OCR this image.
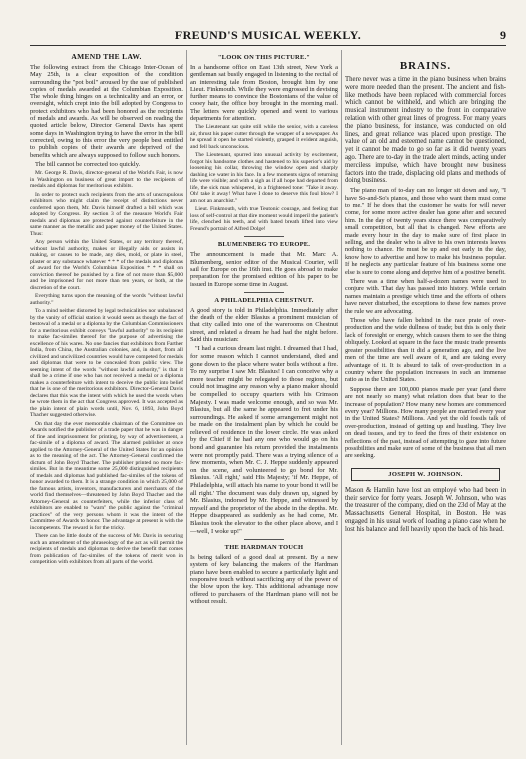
FREUND'S MUSICAL WEEKLY.	9
AMEND THE LAW.

The following extract from the Chicago Inter-Ocean of May 25th, is a clear exposition of the condition surrounding the "pot boil" aroused by the use of published copies of medals awarded at the Columbian Exposition. The whole thing hinges on a technicality and an error, or oversight, which crept into the bill adopted by Congress to protect exhibitors who had been honored as the recipients of medals and awards. As will be observed on reading the quoted article below, Director General Davis has spent some days in Washington trying to have the error in the bill corrected, owing to this error the very people best entitled to publish copies of their awards are deprived of the benefits which are always supposed to follow such honors.

The bill cannot be corrected too quickly.

Mr. George R. Davis, director-general of the World's Fair, is now in Washington on business of great import to the recipients of medals and diplomas for meritorious exhibits.

In order to protect such recipients from the arts of unscrupulous exhibitors who might claim the receipt of distinctions never conferred upon them, Mr. Davis himself drafted a bill which was adopted by Congress. By section 3 of the measure World's Fair medals and diplomas are protected against counterfeiture in the same manner as the metallic and paper money of the United States. Thus:

Any person within the United States, or any territory thereof, without lawful authority, makes or illegally aids or assists in making, or causes to be made, any dies, mold, or plate in steel, plaster or any substance whatever * * * of the medals and diplomas of award for the World's Columbian Exposition * * * shall on conviction thereof be punished by a fine of not more than $5,000 and be imprisoned for not more than ten years, or both, at the discretion of the court.

Everything turns upon the meaning of the words "without lawful authority."

To a mind neither distorted by legal technicalities nor unbalanced by the vanity of official station it would seem as though the fact of bestowal of a medal or a diploma by the Columbian Commissioners for a meritorious exhibit conveys "lawful authority" to its recipient to make fac-similes thereof for the purpose of advertising the excellence of his wares. No one fancies that exhibitors from Farther India, from China, the Australian colonies, and, in short, from all civilized and uncivilized countries would have competed for medals and diplomas that were to be concealed from public view. The seeming intent of the words "without lawful authority," is that it shall be a crime if one who has not received a medal or a diploma makes a counterfeiture with intent to deceive the public into belief that he is one of the meritorious exhibitors. Director-General Davis declares that this was the intent with which he used the words when he wrote them in the act that Congress approved. It was accepted as the plain intent of plain words until, Nov. 6, 1893, John Boyd Thacher suggested otherwise.

On that day the ever memorable chairman of the Committee on Awards notified the publisher of a trade paper that he was in danger of fine and imprisonment for printing, by way of advertisement, a fac-simile of a diploma of award. The alarmed publisher at once applied to the Attorney-General of the United States for an opinion as to the meaning of the act. The Attorney-General confirmed the dictum of John Boyd Thacher. The publisher printed no more fac-similes. But in the meantime some 25,000 distinguished recipients of medals and diplomas had published fac-similes of the tokens of honor awarded to them. It is a strange condition in which 25,000 of the famous artists, inventors, manufacturers and merchants of the world find themselves—threatened by John Boyd Thacher and the Attorney-General as counterfeiters, while the inferior class of exhibitors are enabled to "warn" the public against the "criminal practices" of the very persons whom it was the intent of the Committee of Awards to honor. The advantage at present is with the incompetents. The reward is for the tricky.

There can be little doubt of the success of Mr. Davis in securing such an amendment of the phraseology of the act as will permit the recipients of medals and diplomas to derive the benefit that comes from publication of fac-similes of the tokens of merit won in competition with exhibitors from all parts of the world.

"LOOK ON THIS PICTURE."

In a handsome office on East 13th street, New York a gentleman sat busily engaged in listening to the recital of an interesting tale from Boston, brought him by one Lieut. Finkmouth. While they were engrossed in devising further means to convince the Bostonians of the value of cooey hair, the office boy brought in the morning mail. The letters were quickly opened and went to various departments for attention.

The Lieutenant sat quite still while the senior, with a careless air, thrust his paper cutter through the wrapper of a newspaper. As he spread it open he started violently, grasped it evident anguish, and fell back unconscious.

The Lieutenant, spurred into unusual activity by excitement, forgot his handsome clothes and hastened to his superior's aid by loosening his collar, throwing the window open and sharply dashing ice water in his face. In a few moments signs of returning life were visible; and with a sigh as if all hope had departed from life, the sick man whispered, in a frightened tone: "Take it away. Oh! take it away! What have I done to deserve this foul blow? I am not an anarchist."

Lieut. Finkmouth, with true Teutonic courage, and feeling that loss of self-control at that dire moment would imperil the patient's life, clenched his teeth, and with bated breath lifted into view Freund's portrait of Alfred Dolge!

BLUMENBERG TO EUROPE.

The announcement is made that Mr. Marc A. Blumenberg, senior editor of the Musical Courier, will sail for Europe on the 16th inst. He goes abroad to make preparation for the promised edition of his paper to be issued in Europe some time in August.

A PHILADELPHIA CHESTNUT.

A good story is told in Philadelphia. Immediately after the death of the elder Blasius a prominent musician of that city called into one of the warerooms on Chestnut street, and related a dream he had had the night before. Said this musician:

"I had a curious dream last night. I dreamed that I had, for some reason which I cannot understand, died and gone down to the place where water boils without a fire. To my surprise I saw Mr. Blasius! I can conceive why a more teacher might be relegated to those regions, but could not imagine any reason why a piano maker should be compelled to occupy quarters with his Crimson Majesty. I was made welcome enough, and so was Mr. Blasius, but all the same he appeared to fret under his surroundings. He asked if some arrangement might not be made on the instalment plan by which he could be relieved of residence in the lower circle. He was asked by the Chief if he had any one who would go on his bond and guarantee his return provided the instalments were not promptly paid. There was a trying silence of a few moments, when Mr. C. J. Heppe suddenly appeared on the scene, and volunteered to go bond for Mr. Blasius. 'All right,' said His Majesty; 'if Mr. Heppe, of Philadelphia, will attach his name to your bond it will be all right.' The document was duly drawn up, signed by Mr. Blasius, indorsed by Mr. Heppe, and witnessed by myself and the proprietor of the abode in the depths. Mr. Heppe disappeared as suddenly as he had come, Mr. Blasius took the elevator to the other place above, and I—well, I woke up!"

THE HARDMAN TOUCH

Is being talked of a good deal at present. By a new system of key balancing the makers of the Hardman piano have been enabled to secure a particularly light and responsive touch without sacrificing any of the power of the blow upon the key. This additional advantage now offered to purchasers of the Hardman piano will not be without result.

BRAINS.

There never was a time in the piano business when brains were more needed than the present. The ancient and fish-like methods have been replaced with commercial forces which cannot be withheld, and which are bringing the musical instrument industry to the front in comparative relation with other great lines of progress. For many years the piano business, for instance, was conducted on old lines, and great reliance was placed upon prestige. The value of an old and esteemed name cannot be questioned, yet it cannot be made to go so far as it did twenty years ago. There are to-day in the trade alert minds, acting under merciless impulse, which have brought new business factors into the trade, displacing old plans and methods of doing business.

The piano man of to-day can no longer sit down and say, "I have So-and-So's pianos, and those who want them must come to me." If he does that the customer he waits for will never come, for some more active dealer has gone after and secured him. In the day of twenty years since there was comparatively small competition, but all that is changed. New efforts are made every hour in the day to make sure of first place in selling, and the dealer who is alive to his own interests leaves nothing to chance. He must be up and out early in the day, know how to advertise and how to make his business popular. If he neglects any particular feature of his business some one else is sure to come along and deprive him of a positive benefit.

There was a time when half-a-dozen names were used to conjure with. That day has passed into history. While certain names maintain a prestige which time and the efforts of others have never disturbed, the exceptions to these few names prove the rule we are advocating.

Those who have fallen behind in the race prate of over-production and the wide dullness of trade; but this is only their lack of foresight or energy, which causes them to see the thing obliquely. Looked at square in the face the music trade presents greater possibilities than it did a generation ago, and the live men of the time are well aware of it, and are taking every advantage of it. It is absurd to talk of over-production in a country where the population increases in such an immense ratio as in the United States.

Suppose there are 100,000 pianos made per year (and there are not nearly so many) what relation does that bear to the increase of population? How many new homes are commenced every year? Millions. How many people are married every year in the United States? Millions. And yet the old fossils talk of over-production, instead of getting up and hustling. They live on dead issues, and try to feed the fires of their existence on reflections of the past, instead of attempting to gaze into future possibilities and make sure of some of the business that all men are seeking.

JOSEPH W. JOHNSON.

Mason & Hamlin have lost an employé who had been in their service for forty years. Joseph W. Johnson, who was the treasurer of the company, died on the 23d of May at the Massachusetts General Hospital, in Boston. He was engaged in his usual work of loading a piano case when he lost his balance and fell heavily upon the back of his head.
